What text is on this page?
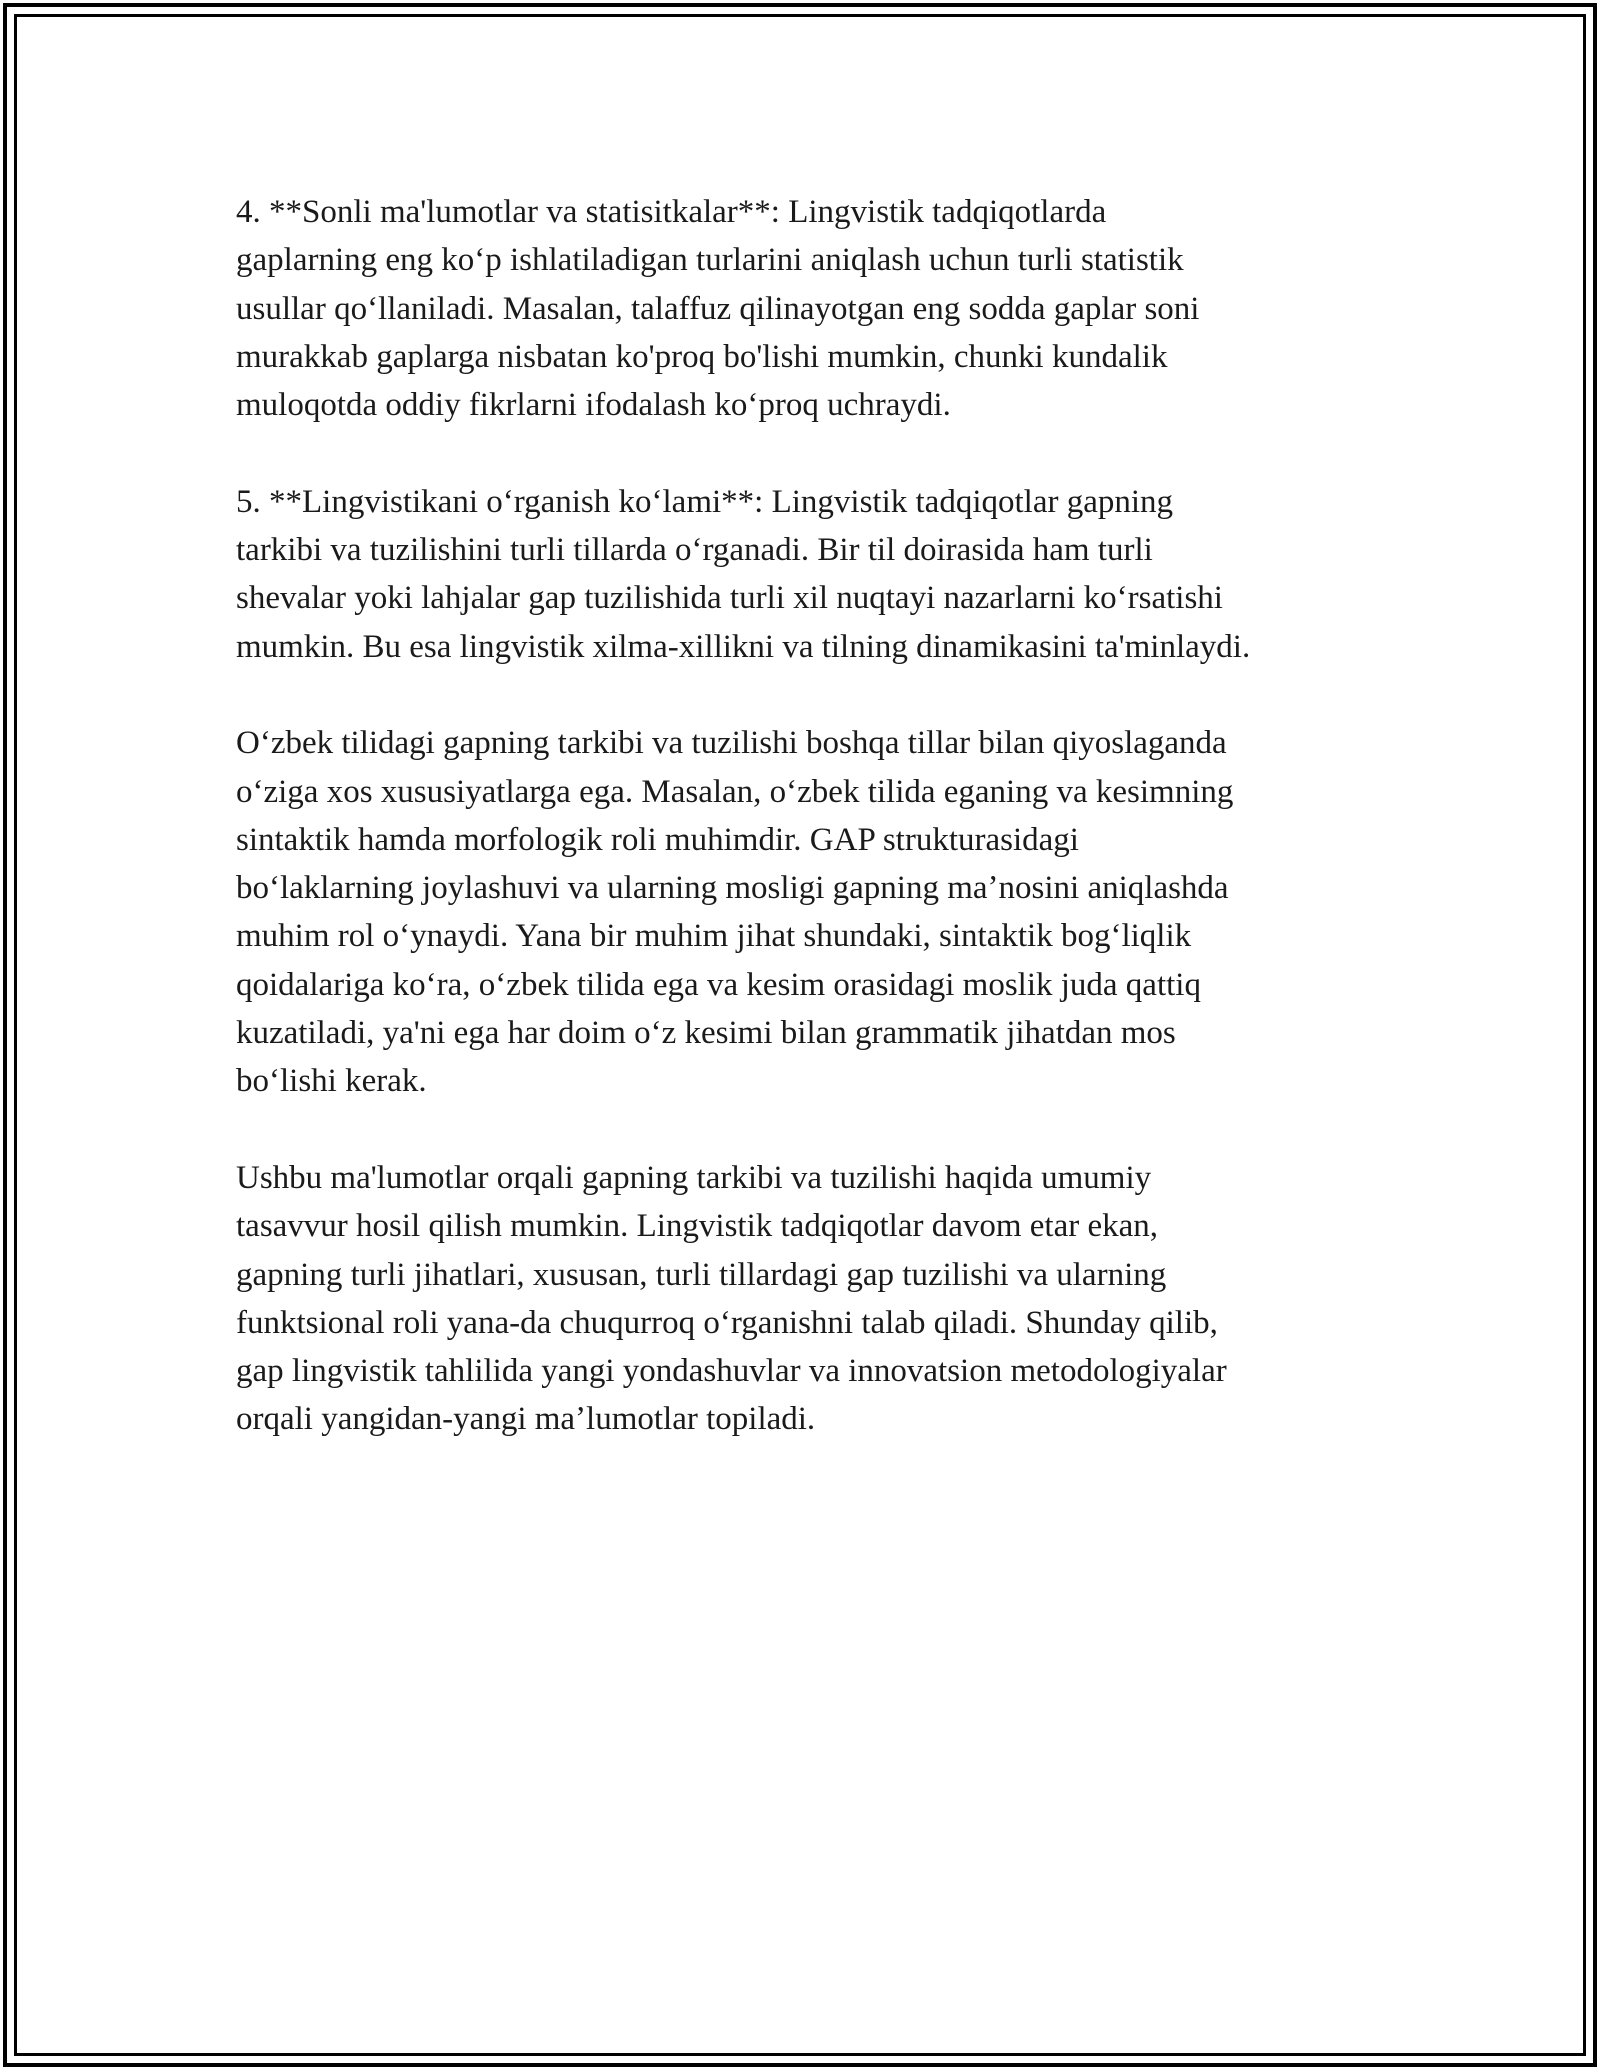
4. **Sonli ma'lumotlar va statisitkalar**: Lingvistik tadqiqotlarda
gaplarning eng koʻp ishlatiladigan turlarini aniqlash uchun turli statistik
usullar qoʻllaniladi. Masalan, talaffuz qilinayotgan eng sodda gaplar soni
murakkab gaplarga nisbatan ko'proq bo'lishi mumkin, chunki kundalik
muloqotda oddiy fikrlarni ifodalash koʻproq uchraydi.

5. **Lingvistikani oʻrganish koʻlami**: Lingvistik tadqiqotlar gapning
tarkibi va tuzilishini turli tillarda oʻrganadi. Bir til doirasida ham turli
shevalar yoki lahjalar gap tuzilishida turli xil nuqtayi nazarlarni koʻrsatishi
mumkin. Bu esa lingvistik xilma-xillikni va tilning dinamikasini ta'minlaydi.

Oʻzbek tilidagi gapning tarkibi va tuzilishi boshqa tillar bilan qiyoslaganda
oʻziga xos xususiyatlarga ega. Masalan, oʻzbek tilida eganing va kesimning
sintaktik hamda morfologik roli muhimdir. GAP strukturasidagi
boʻlaklarning joylashuvi va ularning mosligi gapning maʼnosini aniqlashda
muhim rol oʻynaydi. Yana bir muhim jihat shundaki, sintaktik bogʻliqlik
qoidalariga koʻra, oʻzbek tilida ega va kesim orasidagi moslik juda qattiq
kuzatiladi, ya'ni ega har doim oʻz kesimi bilan grammatik jihatdan mos
boʻlishi kerak.

Ushbu ma'lumotlar orqali gapning tarkibi va tuzilishi haqida umumiy
tasavvur hosil qilish mumkin. Lingvistik tadqiqotlar davom etar ekan,
gapning turli jihatlari, xususan, turli tillardagi gap tuzilishi va ularning
funktsional roli yana-da chuqurroq oʻrganishni talab qiladi. Shunday qilib,
gap lingvistik tahlilida yangi yondashuvlar va innovatsion metodologiyalar
orqali yangidan-yangi maʼlumotlar topiladi.
